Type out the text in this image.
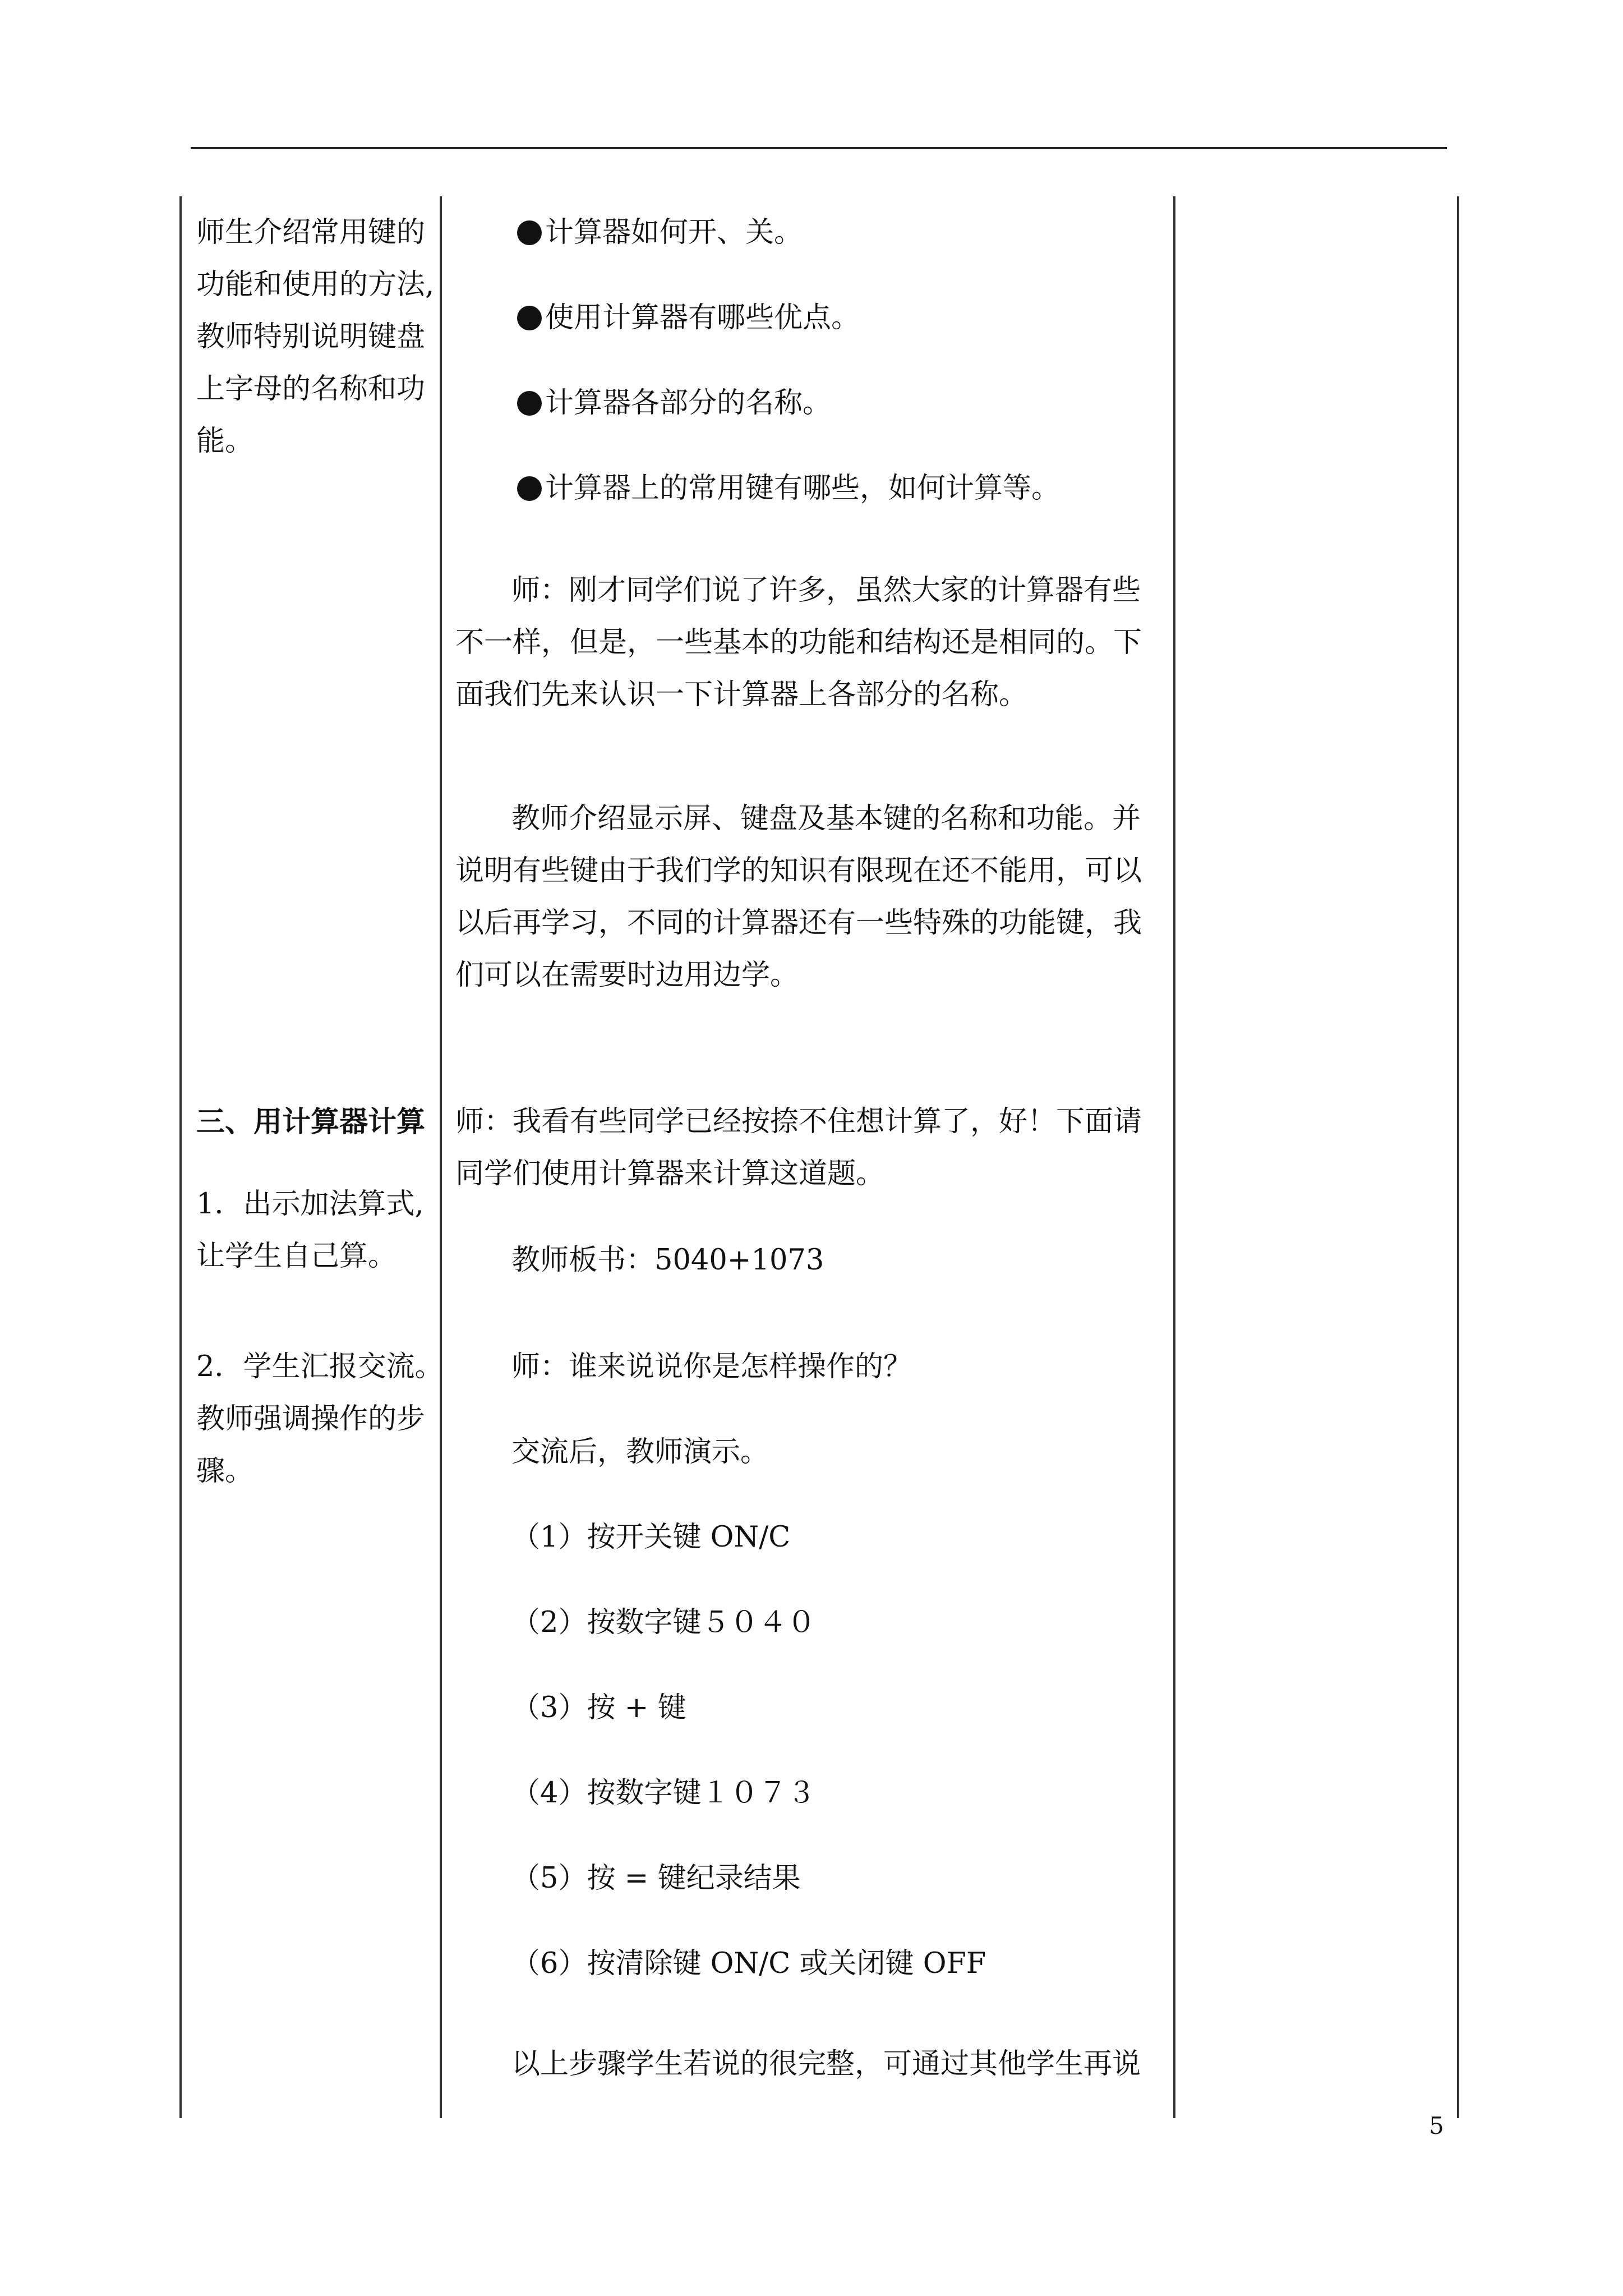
师生介绍常用键的
功能和使用的方法,
教师特别说明键盘
上字母的名称和功
能。
三、用计算器计算
1．出示加法算式,
让学生自己算。
2．学生汇报交流。
教师强调操作的步
骤。
计算器如何开、关。
使用计算器有哪些优点。
计算器各部分的名称。
计算器上的常用键有哪些，如何计算等。
师：刚才同学们说了许多，虽然大家的计算器有些
不一样，但是，一些基本的功能和结构还是相同的。下
面我们先来认识一下计算器上各部分的名称。
教师介绍显示屏、键盘及基本键的名称和功能。并
说明有些键由于我们学的知识有限现在还不能用，可以
以后再学习，不同的计算器还有一些特殊的功能键，我
们可以在需要时边用边学。
师：我看有些同学已经按捺不住想计算了，好！下面请
同学们使用计算器来计算这道题。
教师板书：5040+1073
师：谁来说说你是怎样操作的？
交流后，教师演示。
（1）按开关键 ON/C
（2）按数字键５０４０
（3）按 + 键
（4）按数字键１０７３
（5）按 = 键纪录结果
（6）按清除键 ON/C 或关闭键 OFF
以上步骤学生若说的很完整，可通过其他学生再说
5
